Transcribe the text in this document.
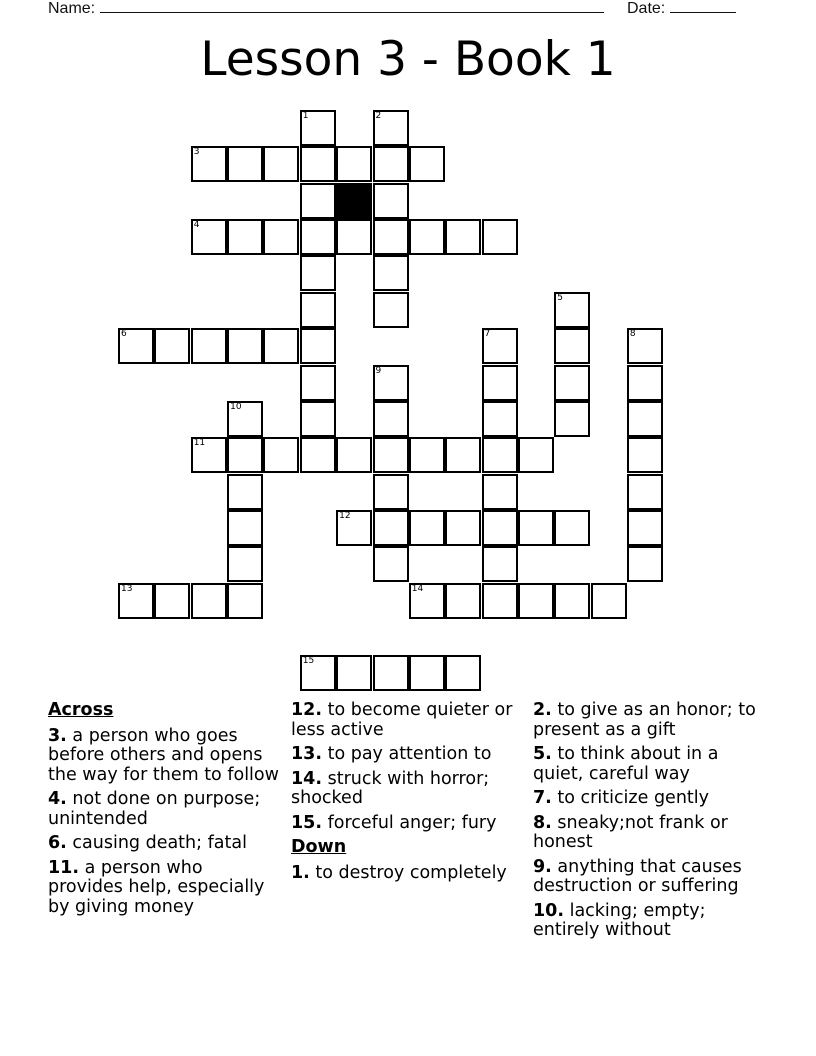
Name:	Date:
Lesson 3 - Book 1
1	2
3
4
5
6	7	8
9
10
11
12
13	14
15
Across
3. a person who goes before others and opens the way for them to follow
4. not done on purpose; unintended
6. causing death; fatal
11. a person who provides help, especially by giving money
12. to become quieter or less active
13. to pay attention to
14. struck with horror; shocked
15. forceful anger; fury
Down
1. to destroy completely
2. to give as an honor; to present as a gift
5. to think about in a quiet, careful way
7. to criticize gently
8. sneaky;not frank or honest
9. anything that causes destruction or suffering
10. lacking; empty; entirely without
